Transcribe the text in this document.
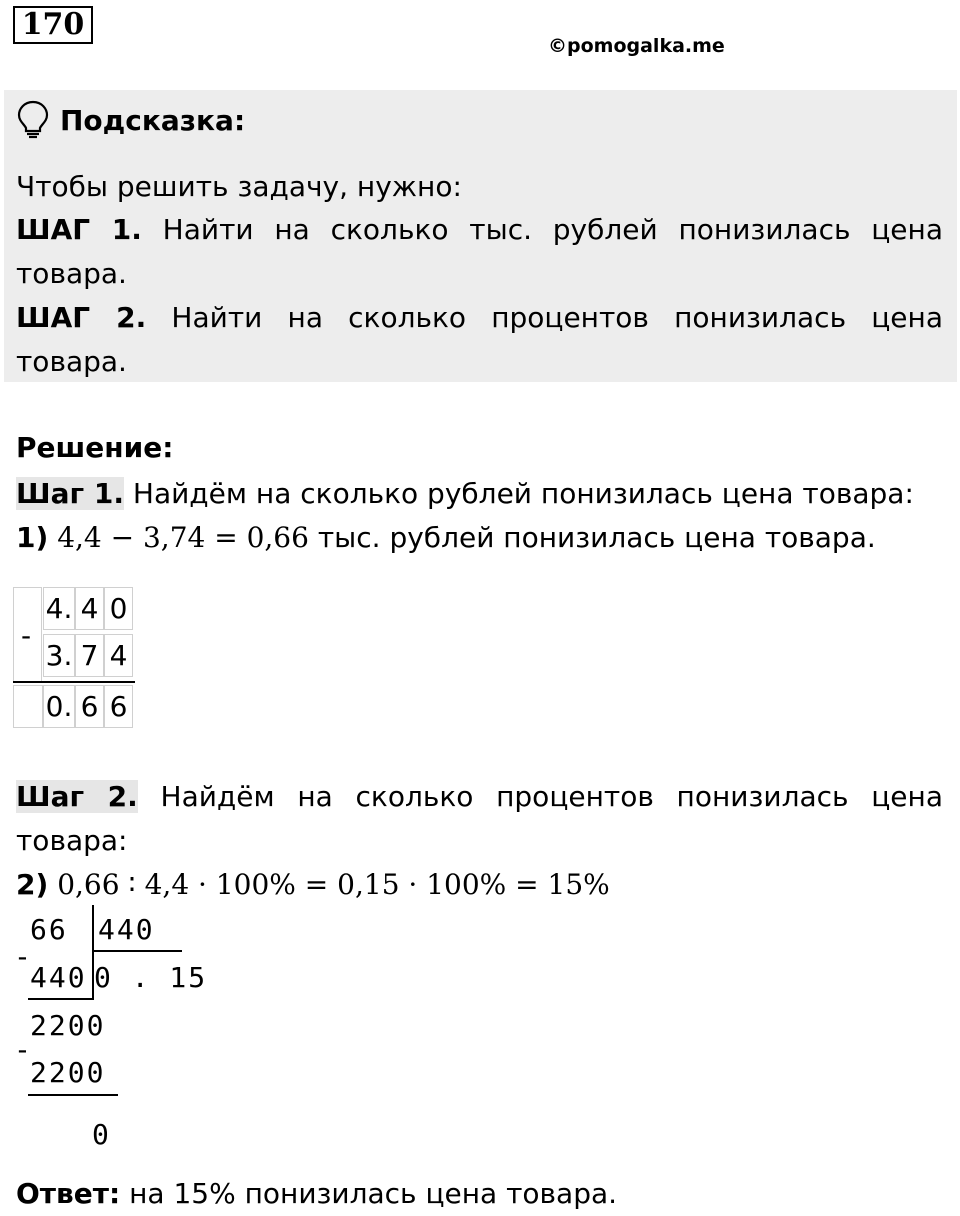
170
©pomogalka.me
Подсказка:
Чтобы решить задачу, нужно:
ШАГ 1. Найти на сколько тыс. рублей понизилась цена
товара.
ШАГ 2. Найти на сколько процентов понизилась цена
товара.
Решение:
Шаг 1. Найдём на сколько рублей понизилась цена товара:
1) 4,4 − 3,74 = 0,66 тыс. рублей понизилась цена товара.
-
4. 4 0
3. 7 4
0. 6 6
Шаг 2. Найдём на сколько процентов понизилась цена
товара:
2) 0,66 ∶ 4,4 · 100% = 0,15 · 100% = 15%
66 440
-
440 0 . 15
2200
-
2200
0
Ответ: на 15% понизилась цена товара.
